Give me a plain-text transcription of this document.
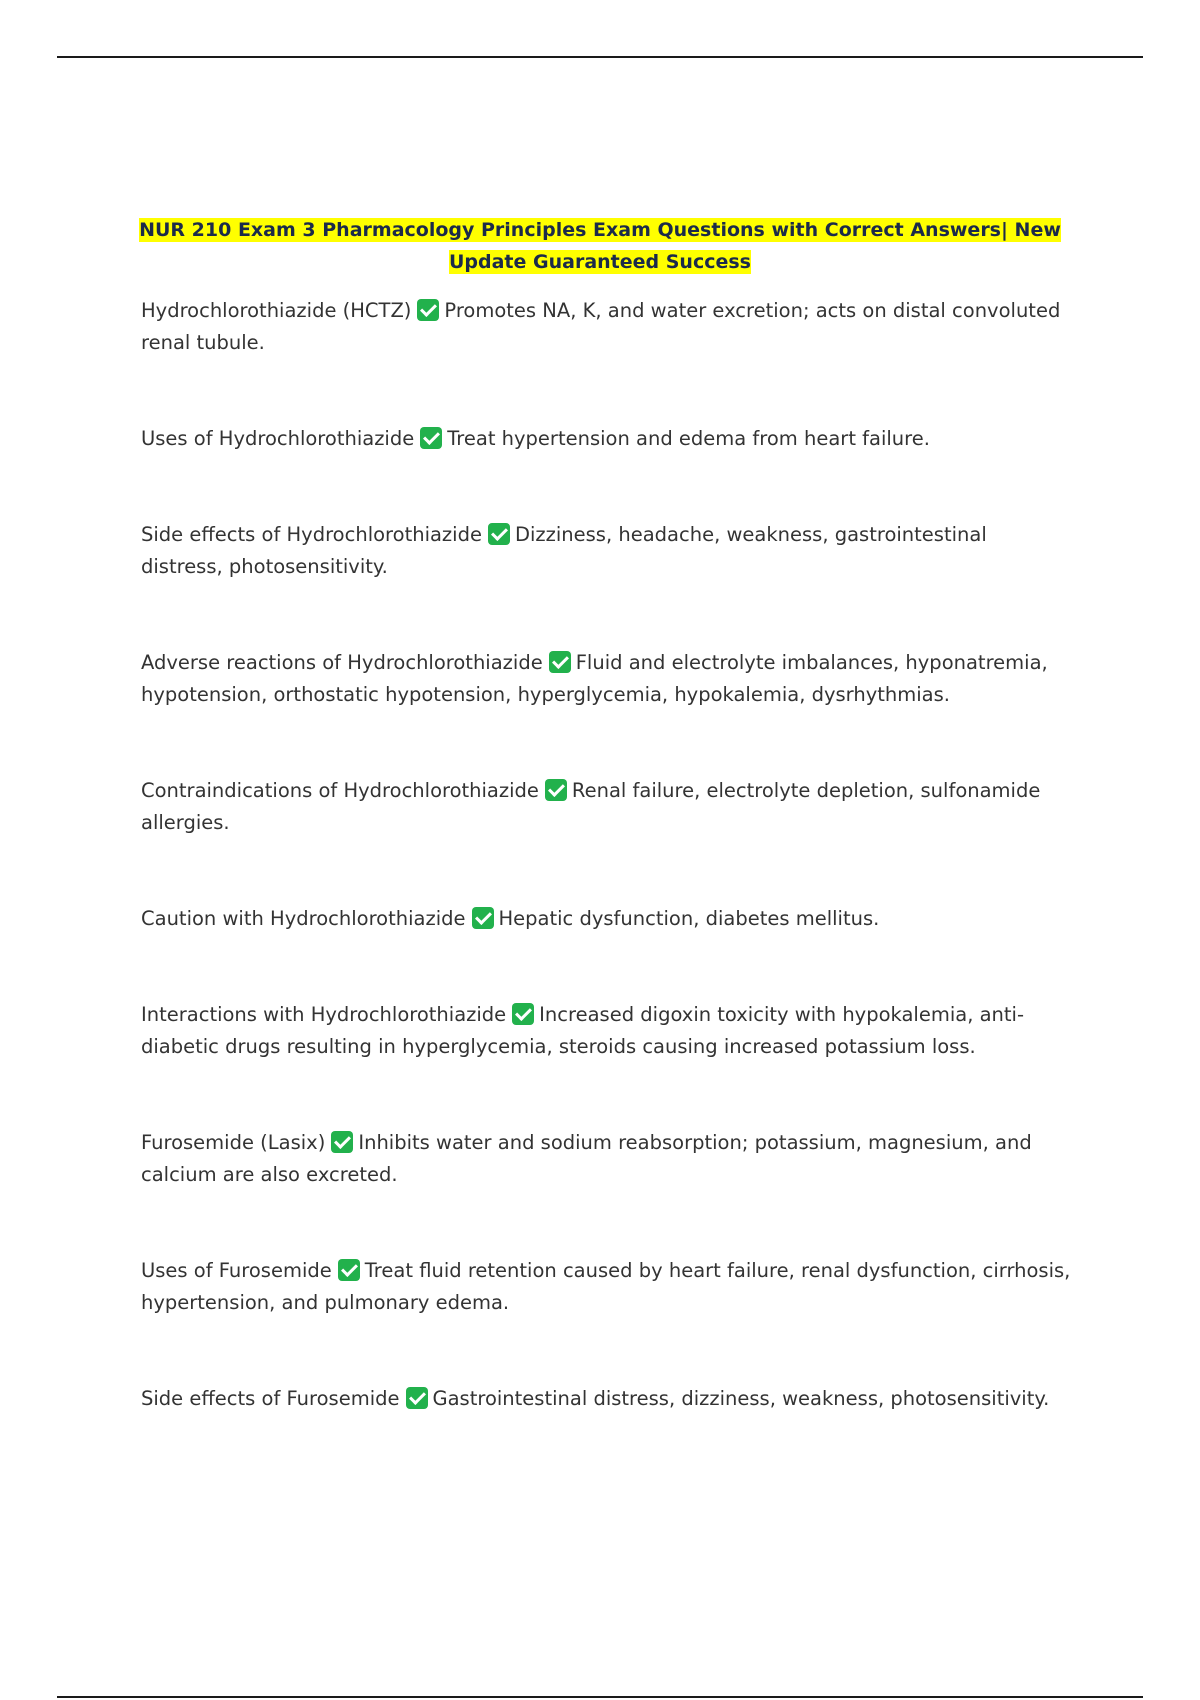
NUR 210 Exam 3 Pharmacology Principles Exam Questions with Correct Answers| New
Update Guaranteed Success

Hydrochlorothiazide (HCTZ) Promotes NA, K, and water excretion; acts on distal convoluted renal tubule.

Uses of Hydrochlorothiazide Treat hypertension and edema from heart failure.

Side effects of Hydrochlorothiazide Dizziness, headache, weakness, gastrointestinal distress, photosensitivity.

Adverse reactions of Hydrochlorothiazide Fluid and electrolyte imbalances, hyponatremia, hypotension, orthostatic hypotension, hyperglycemia, hypokalemia, dysrhythmias.

Contraindications of Hydrochlorothiazide Renal failure, electrolyte depletion, sulfonamide allergies.

Caution with Hydrochlorothiazide Hepatic dysfunction, diabetes mellitus.

Interactions with Hydrochlorothiazide Increased digoxin toxicity with hypokalemia, anti-diabetic drugs resulting in hyperglycemia, steroids causing increased potassium loss.

Furosemide (Lasix) Inhibits water and sodium reabsorption; potassium, magnesium, and calcium are also excreted.

Uses of Furosemide Treat fluid retention caused by heart failure, renal dysfunction, cirrhosis, hypertension, and pulmonary edema.

Side effects of Furosemide Gastrointestinal distress, dizziness, weakness, photosensitivity.
